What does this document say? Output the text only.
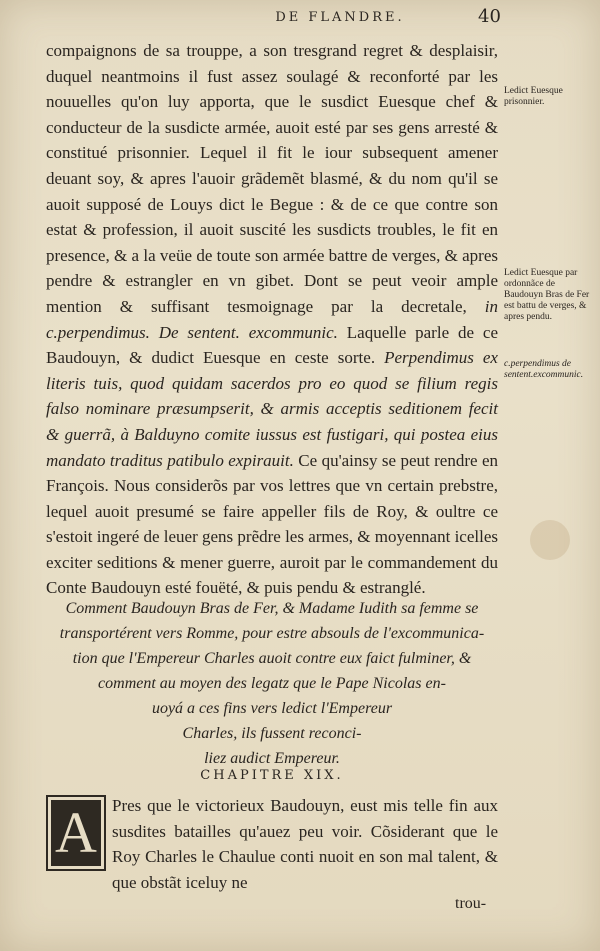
DE FLANDRE.	40

compaignons de sa trouppe, a son tresgrand regret & desplaisir, duquel neantmoins il fust assez soulagé & reconforté par les nouuelles qu'on luy apporta, que le susdict Euesque chef & conducteur de la susdicte armée, auoit esté par ses gens arresté & constitué prisonnier. Lequel il fit le iour subsequent amener deuant soy, & apres l'auoir grãdemẽt blasmé, & du nom qu'il se auoit supposé de Louys dict le Begue : & de ce que contre son estat & profession, il auoit suscité les susdicts troubles, le fit en presence, & a la veüe de toute son armée battre de verges, & apres pendre & estrangler en vn gibet. Dont se peut veoir ample mention & suffisant tesmoignage par la decretale, in c.perpendimus. De sentent. excommunic. Laquelle parle de ce Baudouyn, & dudict Euesque en ceste sorte. Perpendimus ex literis tuis, quod quidam sacerdos pro eo quod se filium regis falso nominare præsumpserit, & armis acceptis seditionem fecit & guerrã, à Balduyno comite iussus est fustigari, qui postea eius mandato traditus patibulo expirauit. Ce qu'ainsy se peut rendre en François. Nous considerõs par vos lettres que vn certain prebstre, lequel auoit presumé se faire appeller fils de Roy, & oultre ce s'estoit ingeré de leuer gens prẽdre les armes, & moyennant icelles exciter seditions & mener guerre, auroit par le commandement du Conte Baudouyn esté fouëté, & puis pendu & estranglé.

Ledict Euesque prisonnier.
Ledict Euesque par ordonnãce de Baudouyn Bras de Fer est battu de verges, & apres pendu.
c.perpendimus de sentent.excommunic.

Comment Baudouyn Bras de Fer, & Madame Iudith sa femme se

transportérent vers Romme, pour estre absouls de l'excommunica-

tion que l'Empereur Charles auoit contre eux faict fulminer, &

comment au moyen des legatz que le Pape Nicolas en-

uoyá a ces fins vers ledict l'Empereur

Charles, ils fussent reconci-

liez audict Empereur.

CHAPITRE XIX.
A Pres que le victorieux Baudouyn, eust mis telle fin aux susdites batailles qu'auez peu voir. Cõsiderant que le Roy Charles le Chaulue conti nuoit en son mal talent, & que obstãt iceluy ne
trou-
